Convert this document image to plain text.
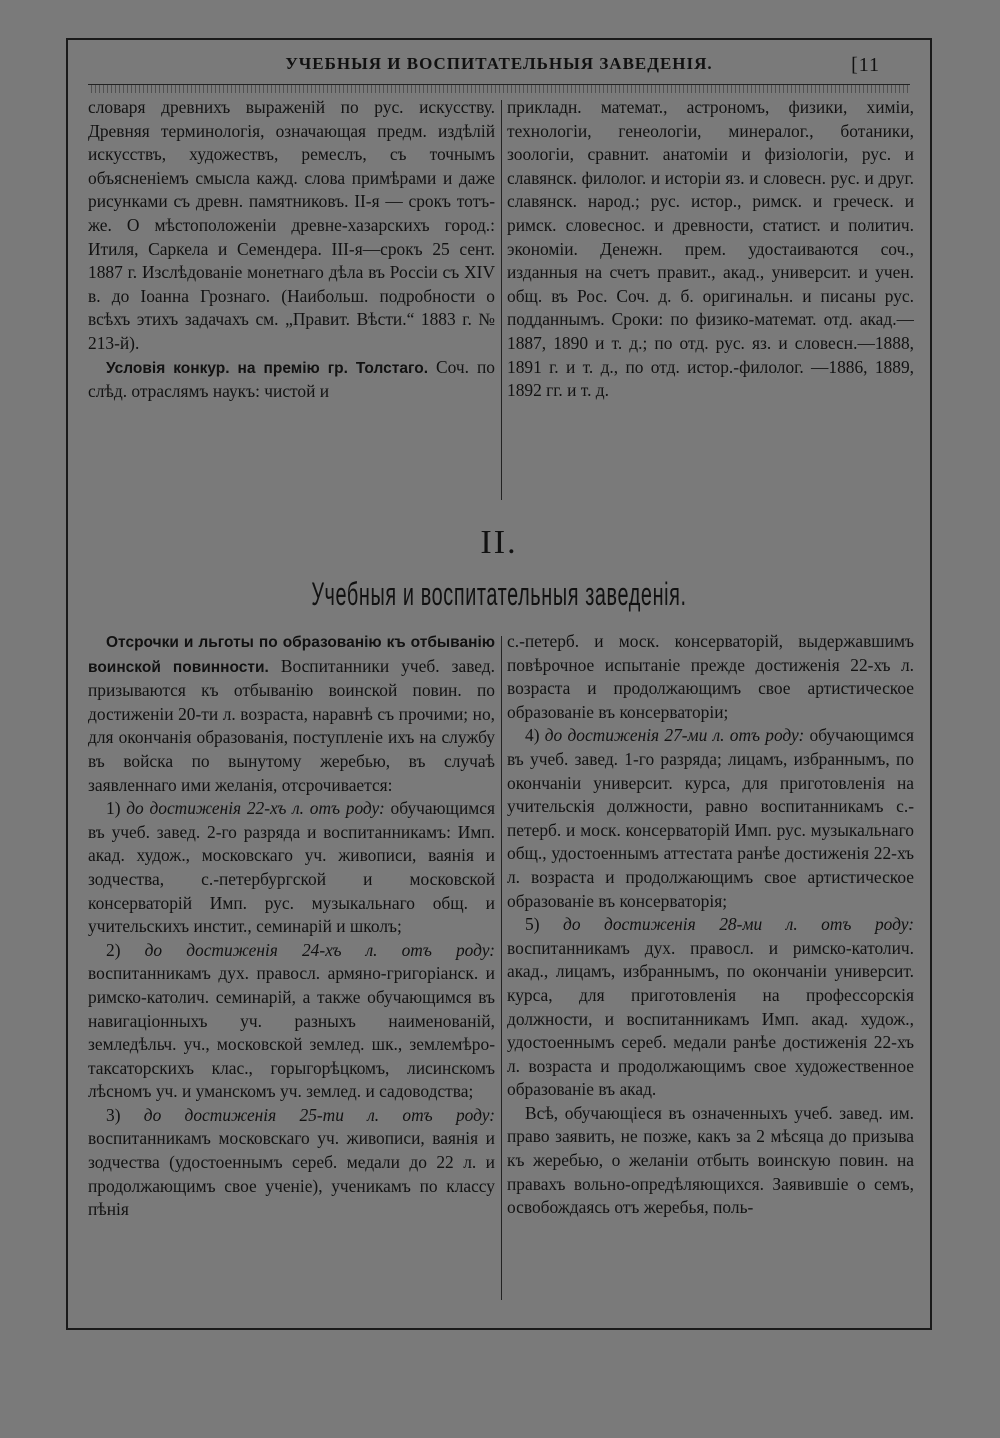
УЧЕБНЫЯ И ВОСПИТАТЕЛЬНЫЯ ЗАВЕДЕНІЯ.	[11

словаря древнихъ выраженій по рус. искусству. Древняя терминологія, означающая предм. издѣлій искусствъ, художествъ, ремеслъ, съ точнымъ объясненіемъ смысла кажд. слова примѣрами и даже рисунками съ древн. памятниковъ. II-я — срокъ тотъ-же. О мѣстоположеніи древне-хазарскихъ город.: Итиля, Саркела и Семендера. III-я—срокъ 25 сент. 1887 г. Изслѣдованіе монетнаго дѣла въ Россіи съ XIV в. до Іоанна Грознаго. (Наибольш. подробности о всѣхъ этихъ задачахъ см. „Правит. Вѣсти.“ 1883 г. № 213-й).

Условія конкур. на премію гр. Толстаго. Соч. по слѣд. отраслямъ наукъ: чистой и

прикладн. математ., астрономъ, физики, химіи, технологіи, генеологіи, минералог., ботаники, зоологіи, сравнит. анатоміи и физіологіи, рус. и славянск. филолог. и исторіи яз. и словесн. рус. и друг. славянск. народ.; рус. истор., римск. и греческ. и римск. словеснос. и древности, статист. и политич. экономіи. Денежн. прем. удостаиваются соч., изданныя на счетъ правит., акад., университ. и учен. общ. въ Рос. Соч. д. б. оригинальн. и писаны рус. подданнымъ. Сроки: по физико-математ. отд. акад.—1887, 1890 и т. д.; по отд. рус. яз. и словесн.—1888, 1891 г. и т. д., по отд. истор.-филолог. —1886, 1889, 1892 гг. и т. д.

II.
Учебныя и воспитательныя заведенія.

Отсрочки и льготы по образованію къ отбыванію воинской повинности. Воспитанники учеб. завед. призываются къ отбыванію воинской повин. по достиженіи 20-ти л. возраста, наравнѣ съ прочими; но, для окончанія образованія, поступленіе ихъ на службу въ войска по вынутому жеребью, въ случаѣ заявленнаго ими желанія, отсрочивается:

1) до достиженія 22-хъ л. отъ роду: обучающимся въ учеб. завед. 2-го разряда и воспитанникамъ: Имп. акад. худож., московскаго уч. живописи, ваянія и зодчества, с.-петербургской и московской консерваторій Имп. рус. музыкальнаго общ. и учительскихъ инстит., семинарій и школъ;

2) до достиженія 24-хъ л. отъ роду: воспитанникамъ дух. правосл. армяно-григоріанск. и римско-католич. семинарій, а также обучающимся въ навигаціонныхъ уч. разныхъ наименованій, земледѣльч. уч., московской землед. шк., землемѣро-таксаторскихъ клас., горыгорѣцкомъ, лисинскомъ лѣсномъ уч. и уманскомъ уч. землед. и садоводства;

3) до достиженія 25-ти л. отъ роду: воспитанникамъ московскаго уч. живописи, ваянія и зодчества (удостоеннымъ сереб. медали до 22 л. и продолжающимъ свое ученіе), ученикамъ по классу пѣнія

с.-петерб. и моск. консерваторій, выдержавшимъ повѣрочное испытаніе прежде достиженія 22-хъ л. возраста и продолжающимъ свое артистическое образованіе въ консерваторіи;

4) до достиженія 27-ми л. отъ роду: обучающимся въ учеб. завед. 1-го разряда; лицамъ, избраннымъ, по окончаніи университ. курса, для приготовленія на учительскія должности, равно воспитанникамъ с.-петерб. и моск. консерваторій Имп. рус. музыкальнаго общ., удостоеннымъ аттестата ранѣе достиженія 22-хъ л. возраста и продолжающимъ свое артистическое образованіе въ консерваторія;

5) до достиженія 28-ми л. отъ роду: воспитанникамъ дух. правосл. и римско-католич. акад., лицамъ, избраннымъ, по окончаніи университ. курса, для приготовленія на профессорскія должности, и воспитанникамъ Имп. акад. худож., удостоеннымъ сереб. медали ранѣе достиженія 22-хъ л. возраста и продолжающимъ свое художественное образованіе въ акад.

Всѣ, обучающіеся въ означенныхъ учеб. завед. им. право заявить, не позже, какъ за 2 мѣсяца до призыва къ жеребью, о желаніи отбыть воинскую повин. на правахъ вольно-опредѣляющихся. Заявившіе о семъ, освобождаясь отъ жеребья, поль-
